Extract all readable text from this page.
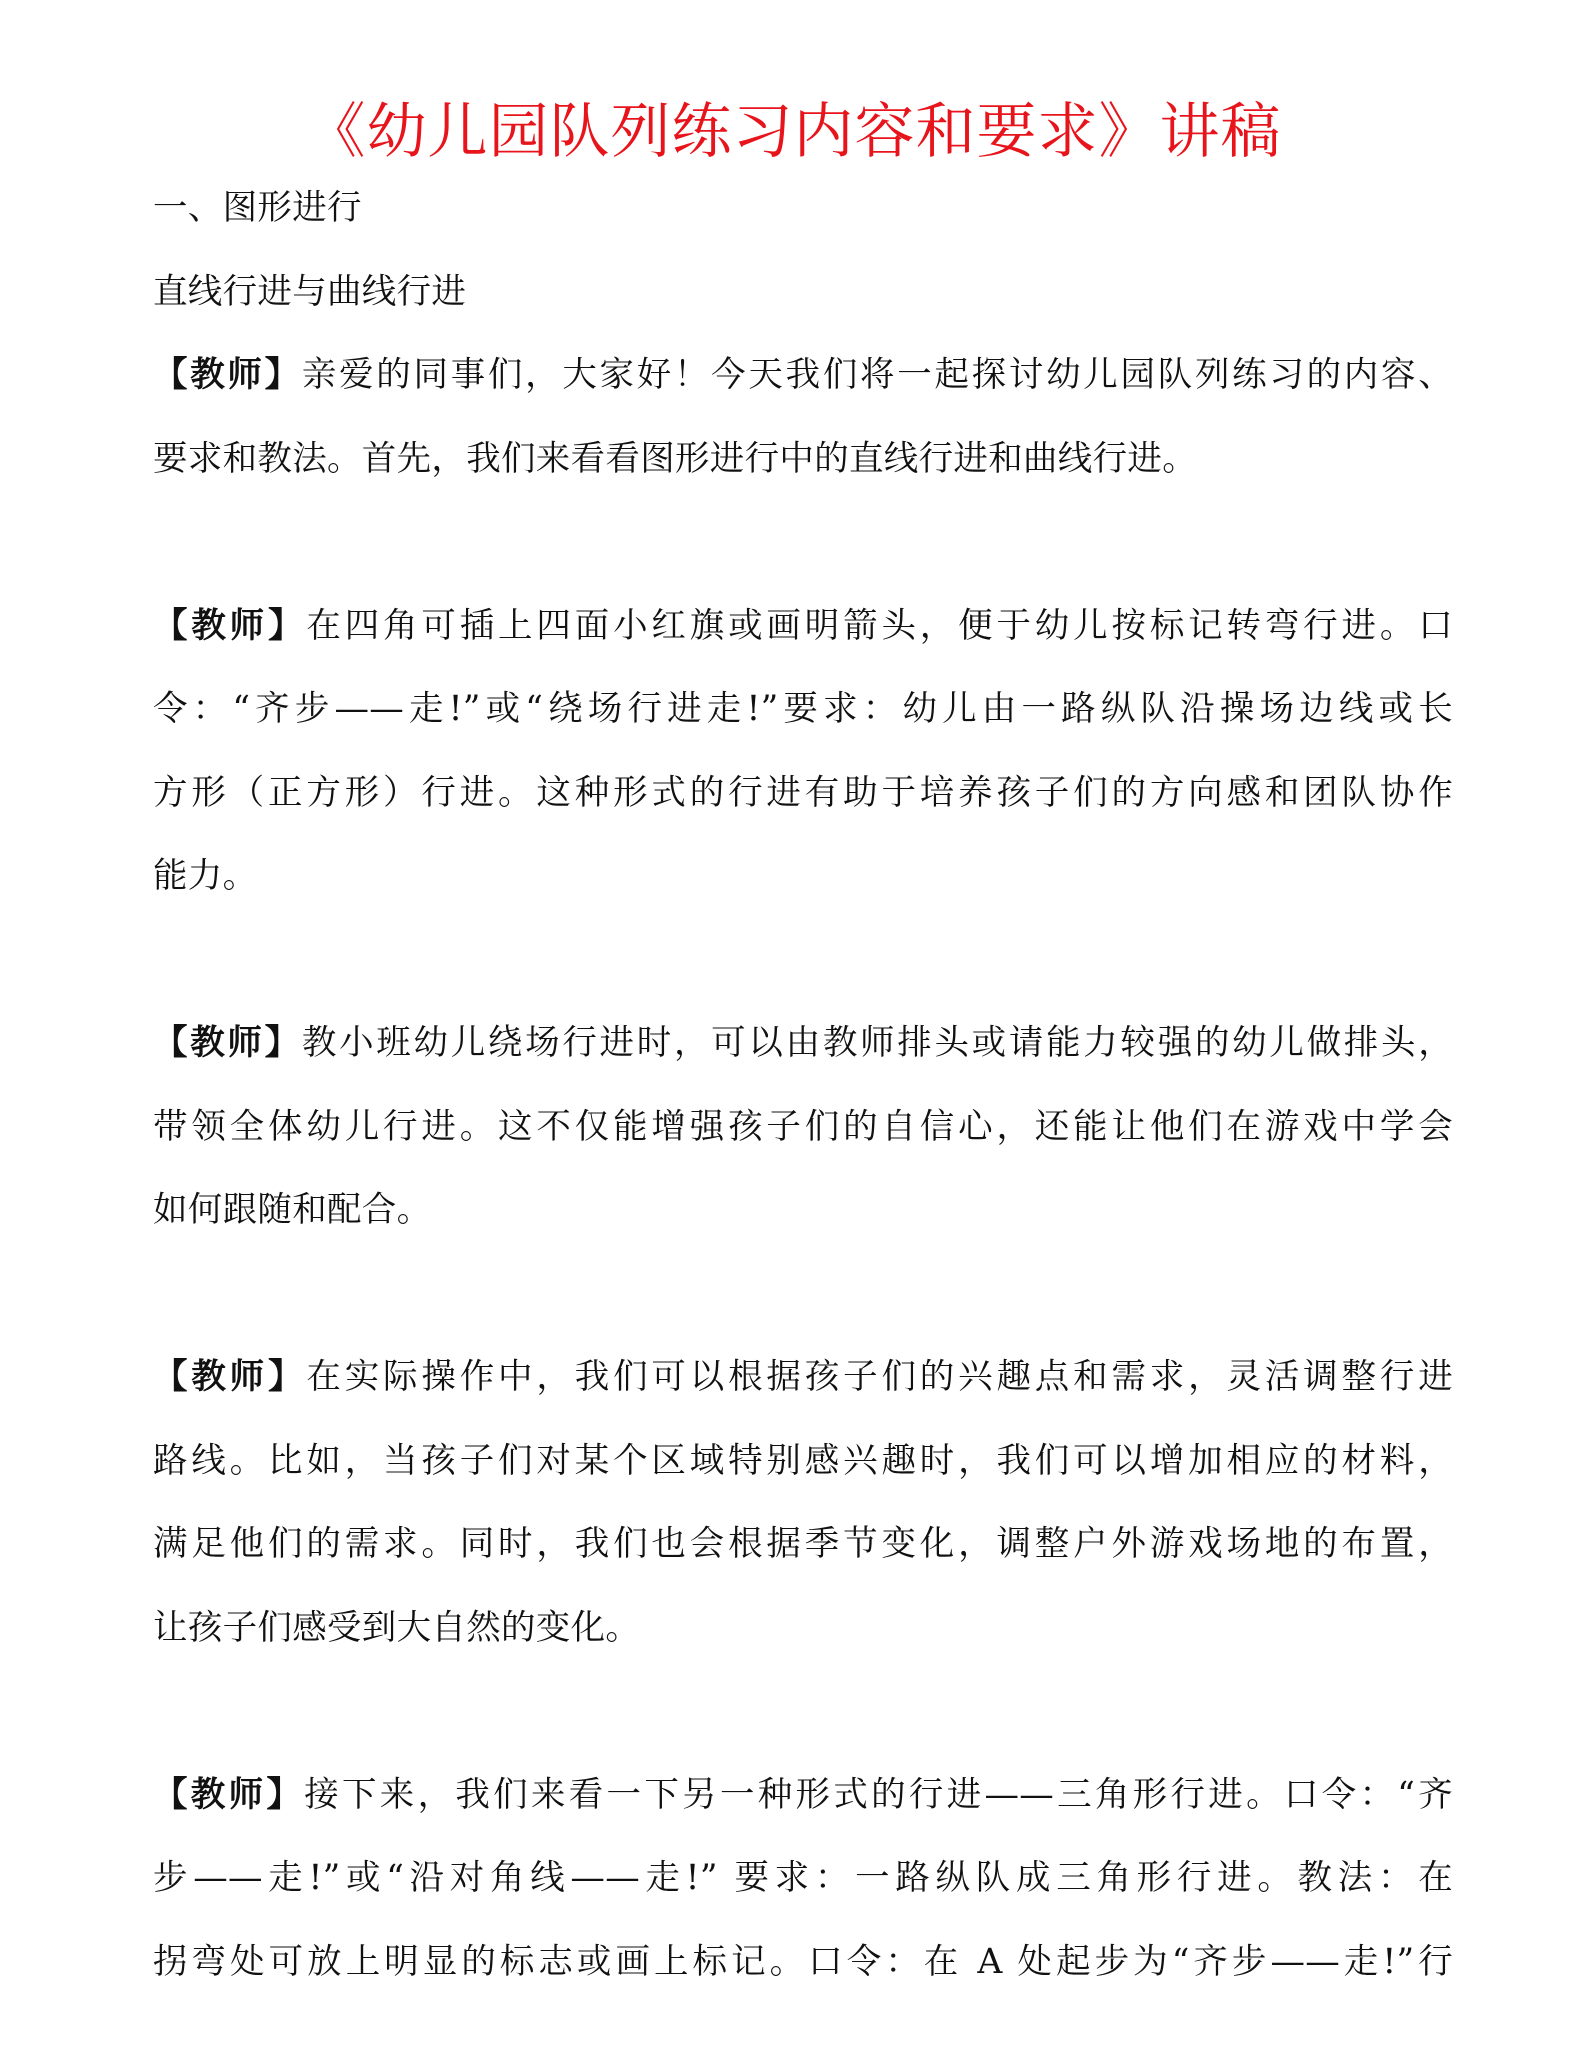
《幼儿园队列练习内容和要求》讲稿
一、图形进行
直线行进与曲线行进
【教师】亲爱的同事们，大家好！今天我们将一起探讨幼儿园队列练习的内容、
要求和教法。首先，我们来看看图形进行中的直线行进和曲线行进。
【教师】在四角可插上四面小红旗或画明箭头，便于幼儿按标记转弯行进。口
令：“齐步——走!”或“绕场行进走!”要求：幼儿由一路纵队沿操场边线或长
方形（正方形）行进。这种形式的行进有助于培养孩子们的方向感和团队协作
能力。
【教师】教小班幼儿绕场行进时，可以由教师排头或请能力较强的幼儿做排头，
带领全体幼儿行进。这不仅能增强孩子们的自信心，还能让他们在游戏中学会
如何跟随和配合。
【教师】在实际操作中，我们可以根据孩子们的兴趣点和需求，灵活调整行进
路线。比如，当孩子们对某个区域特别感兴趣时，我们可以增加相应的材料，
满足他们的需求。同时，我们也会根据季节变化，调整户外游戏场地的布置，
让孩子们感受到大自然的变化。
【教师】接下来，我们来看一下另一种形式的行进——三角形行进。口令：“齐
步——走!”或“沿对角线——走!” 要求：一路纵队成三角形行进。教法：在
拐弯处可放上明显的标志或画上标记。口令：在 A 处起步为“齐步——走!”行
